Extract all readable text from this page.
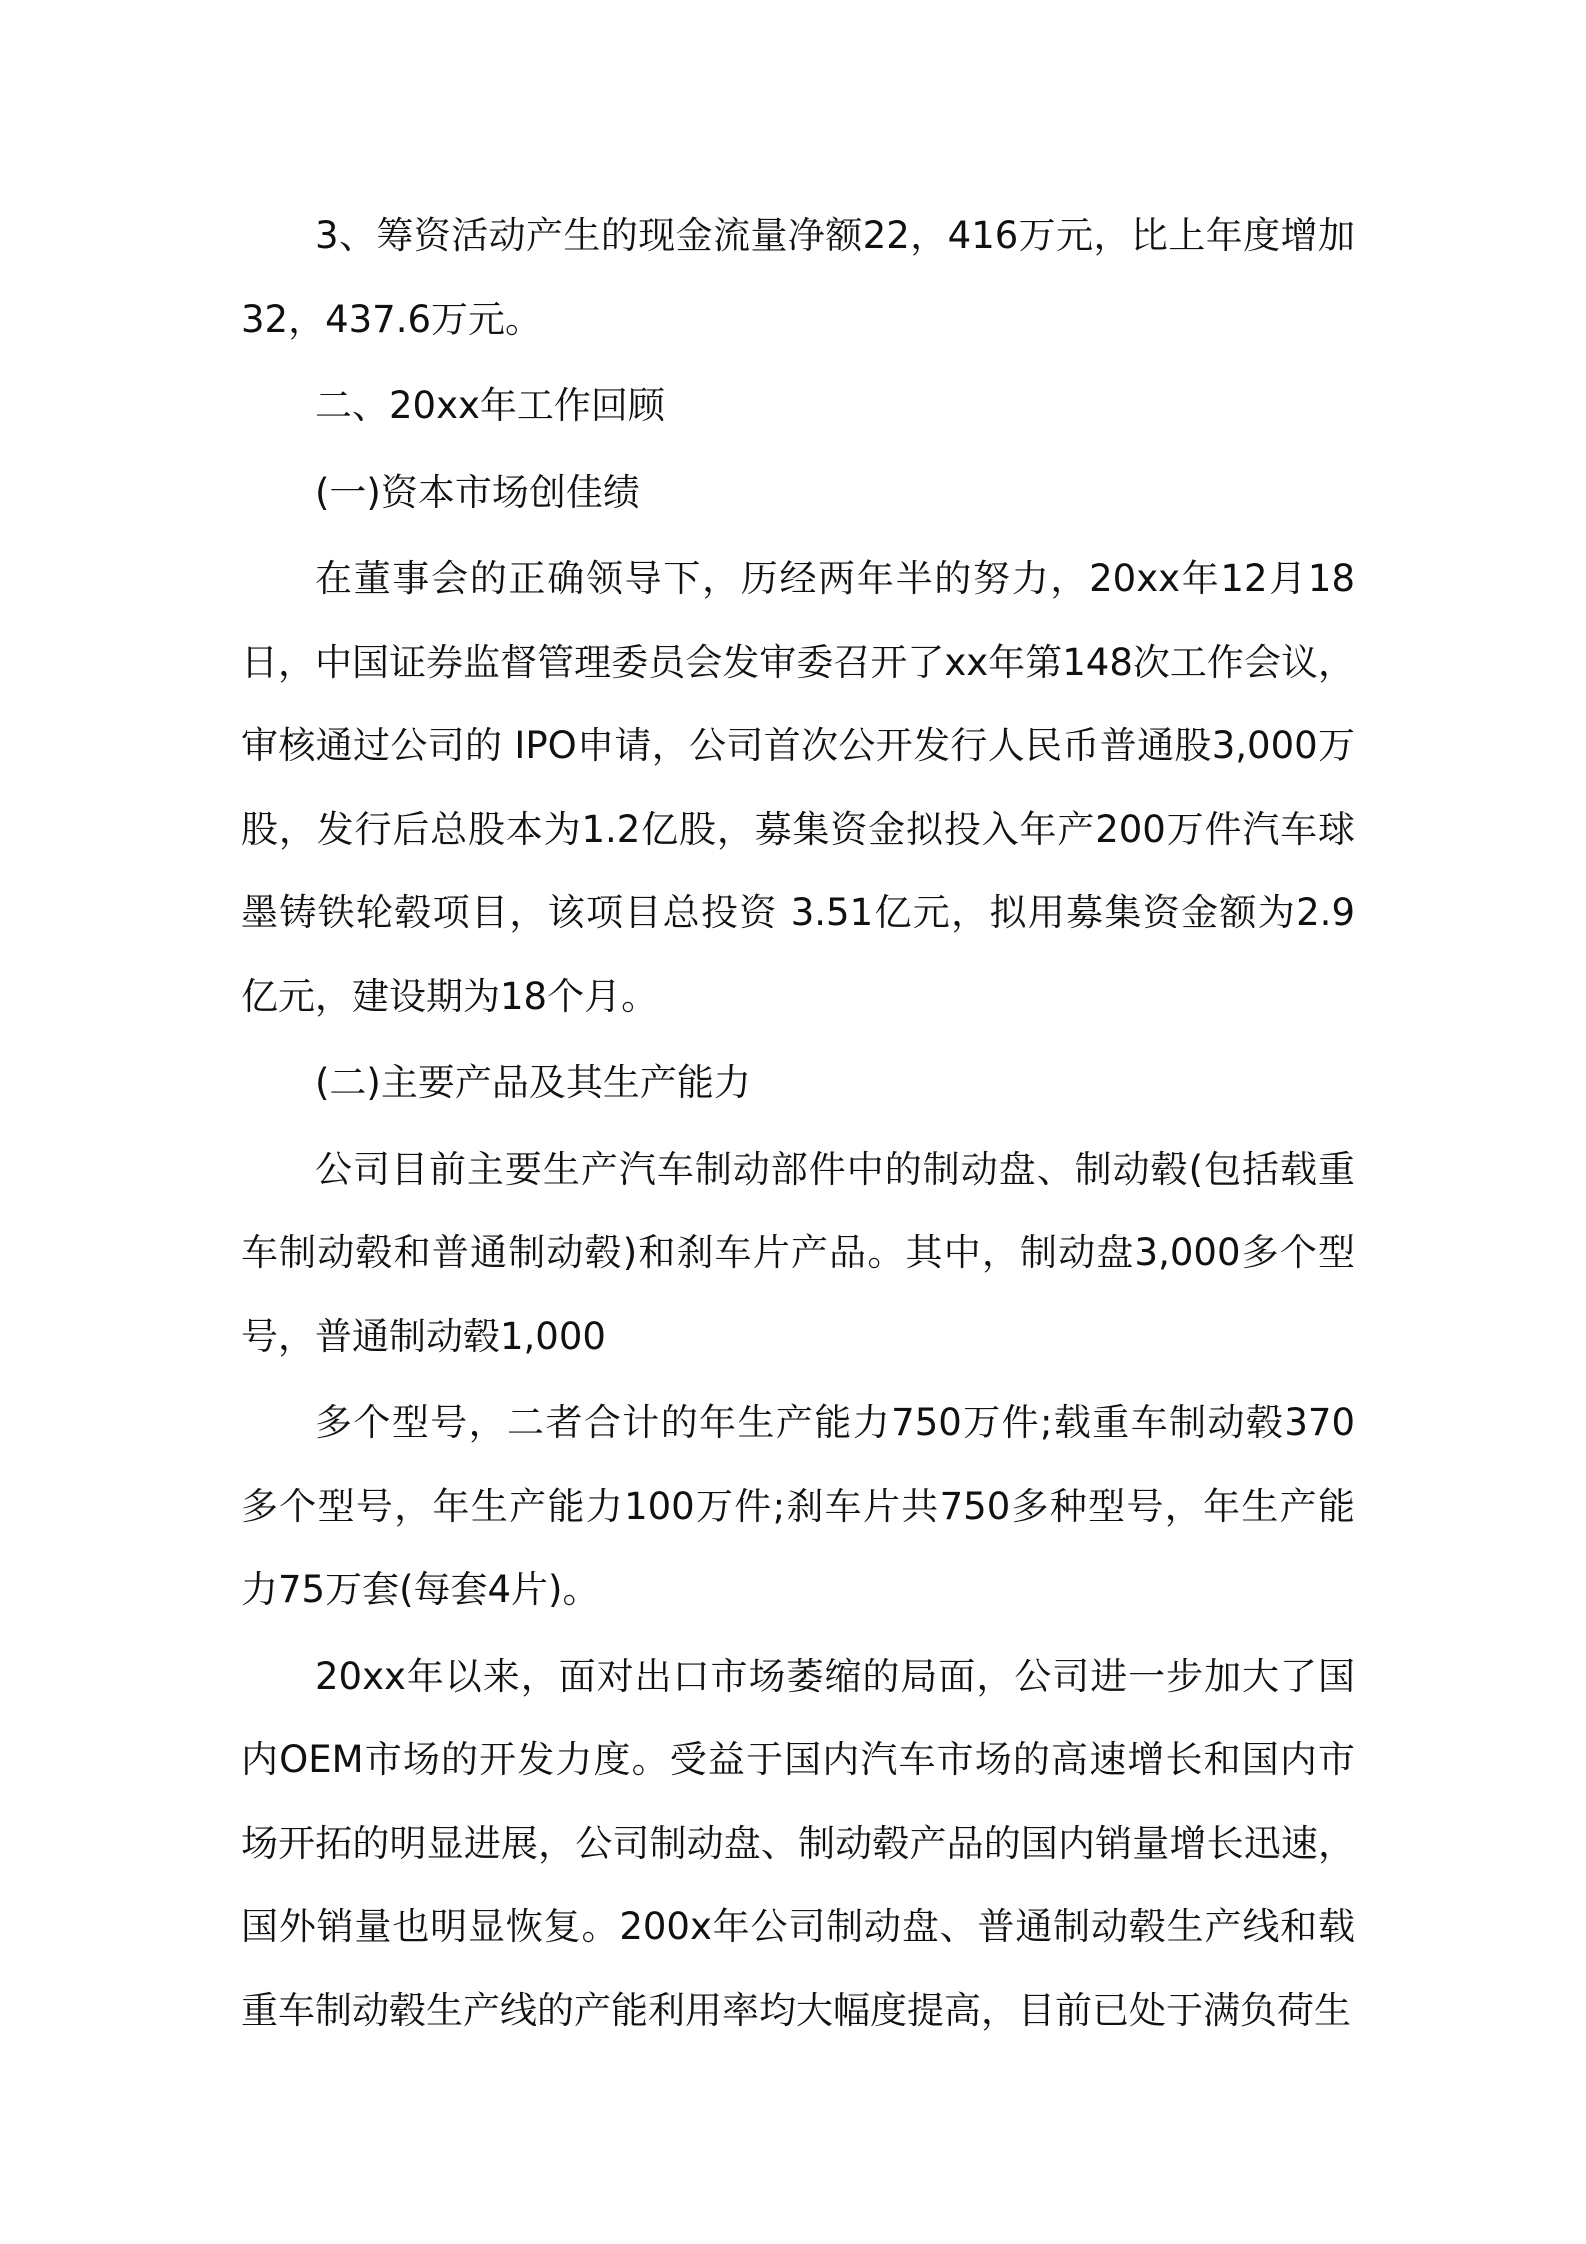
3、筹资活动产生的现金流量净额22，416万元，比上年度增加32，437.6万元。

二、20xx年工作回顾

(一)资本市场创佳绩

在董事会的正确领导下，历经两年半的努力，20xx年12月18日，中国证券监督管理委员会发审委召开了xx年第148次工作会议，审核通过公司的 IPO申请，公司首次公开发行人民币普通股3,000万股，发行后总股本为1.2亿股，募集资金拟投入年产200万件汽车球墨铸铁轮毂项目，该项目总投资 3.51亿元，拟用募集资金额为2.9亿元，建设期为18个月。

(二)主要产品及其生产能力

公司目前主要生产汽车制动部件中的制动盘、制动毂(包括载重车制动毂和普通制动毂)和刹车片产品。其中，制动盘3,000多个型号，普通制动毂1,000

多个型号，二者合计的年生产能力750万件;载重车制动毂370多个型号，年生产能力100万件;刹车片共750多种型号，年生产能力75万套(每套4片)。

20xx年以来，面对出口市场萎缩的局面，公司进一步加大了国内OEM市场的开发力度。受益于国内汽车市场的高速增长和国内市场开拓的明显进展，公司制动盘、制动毂产品的国内销量增长迅速，国外销量也明显恢复。200x年公司制动盘、普通制动毂生产线和载重车制动毂生产线的产能利用率均大幅度提高，目前已处于满负荷生
